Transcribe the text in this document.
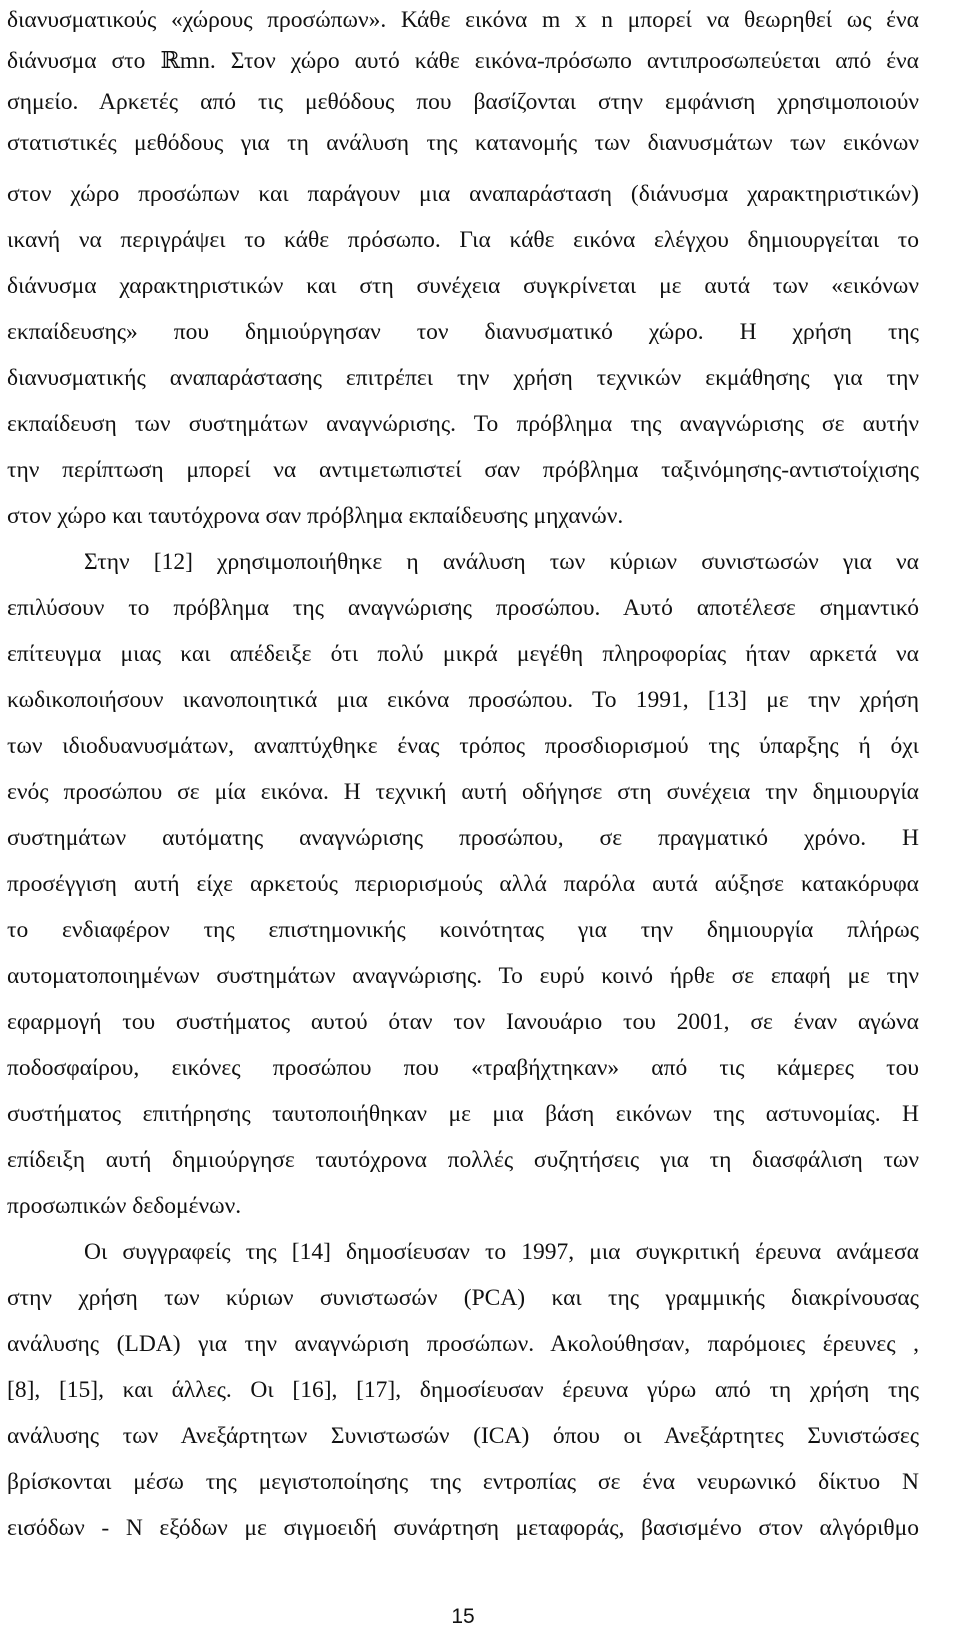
διανυσματικούς «χώρους προσώπων». Κάθε εικόνα m x n μπορεί να θεωρηθεί ως ένα
διάνυσμα στο ℝmn. Στον χώρο αυτό κάθε εικόνα-πρόσωπο αντιπροσωπεύεται από ένα
σημείο. Αρκετές από τις μεθόδους που βασίζονται στην εμφάνιση χρησιμοποιούν
στατιστικές μεθόδους για τη ανάλυση της κατανομής των διανυσμάτων των εικόνων
στον χώρο προσώπων και παράγουν μια αναπαράσταση (διάνυσμα χαρακτηριστικών)
ικανή να περιγράψει το κάθε πρόσωπο. Για κάθε εικόνα ελέγχου δημιουργείται το
διάνυσμα χαρακτηριστικών και στη συνέχεια συγκρίνεται με αυτά των «εικόνων
εκπαίδευσης» που δημιούργησαν τον διανυσματικό χώρο. Η χρήση της
διανυσματικής αναπαράστασης επιτρέπει την χρήση τεχνικών εκμάθησης για την
εκπαίδευση των συστημάτων αναγνώρισης. Το πρόβλημα της αναγνώρισης σε αυτήν
την περίπτωση μπορεί να αντιμετωπιστεί σαν πρόβλημα ταξινόμησης-αντιστοίχισης
στον χώρο και ταυτόχρονα σαν πρόβλημα εκπαίδευσης μηχανών.
Στην [12] χρησιμοποιήθηκε η ανάλυση των κύριων συνιστωσών για να
επιλύσουν το πρόβλημα της αναγνώρισης προσώπου. Αυτό αποτέλεσε σημαντικό
επίτευγμα μιας και απέδειξε ότι πολύ μικρά μεγέθη πληροφορίας ήταν αρκετά να
κωδικοποιήσουν ικανοποιητικά μια εικόνα προσώπου. Το 1991, [13] με την χρήση
των ιδιοδυανυσμάτων, αναπτύχθηκε ένας τρόπος προσδιορισμού της ύπαρξης ή όχι
ενός προσώπου σε μία εικόνα. Η τεχνική αυτή οδήγησε στη συνέχεια την δημιουργία
συστημάτων αυτόματης αναγνώρισης προσώπου, σε πραγματικό χρόνο. Η
προσέγγιση αυτή είχε αρκετούς περιορισμούς αλλά παρόλα αυτά αύξησε κατακόρυφα
το ενδιαφέρον της επιστημονικής κοινότητας για την δημιουργία πλήρως
αυτοματοποιημένων συστημάτων αναγνώρισης. Το ευρύ κοινό ήρθε σε επαφή με την
εφαρμογή του συστήματος αυτού όταν τον Ιανουάριο του 2001, σε έναν αγώνα
ποδοσφαίρου, εικόνες προσώπου που «τραβήχτηκαν» από τις κάμερες του
συστήματος επιτήρησης ταυτοποιήθηκαν με μια βάση εικόνων της αστυνομίας. Η
επίδειξη αυτή δημιούργησε ταυτόχρονα πολλές συζητήσεις για τη διασφάλιση των
προσωπικών δεδομένων.
Οι συγγραφείς της [14] δημοσίευσαν το 1997, μια συγκριτική έρευνα ανάμεσα
στην χρήση των κύριων συνιστωσών (PCA) και της γραμμικής διακρίνουσας
ανάλυσης (LDA) για την αναγνώριση προσώπων. Ακολούθησαν, παρόμοιες έρευνες ,
[8], [15], και άλλες. Οι [16], [17], δημοσίευσαν έρευνα γύρω από τη χρήση της
ανάλυσης των Ανεξάρτητων Συνιστωσών (ICA) όπου οι Ανεξάρτητες Συνιστώσες
βρίσκονται μέσω της μεγιστοποίησης της εντροπίας σε ένα νευρωνικό δίκτυο Ν
εισόδων - Ν εξόδων με σιγμοειδή συνάρτηση μεταφοράς, βασισμένο στον αλγόριθμο
15
